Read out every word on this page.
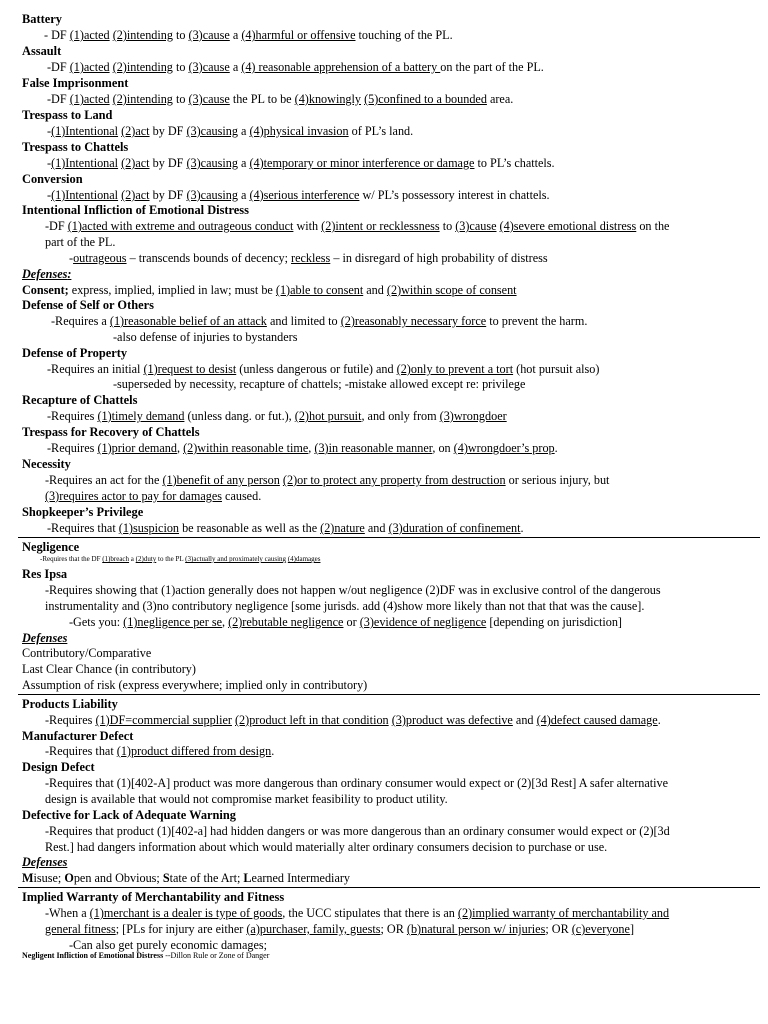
Battery
- DF (1)acted (2)intending to (3)cause a (4)harmful or offensive touching of the PL.
Assault
-DF (1)acted (2)intending to (3)cause a (4) reasonable apprehension of a battery on the part of the PL.
False Imprisonment
-DF (1)acted (2)intending to (3)cause the PL to be (4)knowingly (5)confined to a bounded area.
Trespass to Land
-(1)Intentional (2)act by DF (3)causing a (4)physical invasion of PL’s land.
Trespass to Chattels
-(1)Intentional (2)act by DF (3)causing a (4)temporary or minor interference or damage to PL’s chattels.
Conversion
-(1)Intentional (2)act by DF (3)causing a (4)serious interference w/ PL’s possessory interest in chattels.
Intentional Infliction of Emotional Distress
-DF (1)acted with extreme and outrageous conduct with (2)intent or recklessness to (3)cause (4)severe emotional distress on the
part of the PL.
-outrageous – transcends bounds of decency; reckless – in disregard of high probability of distress
Defenses:
Consent; express, implied, implied in law; must be (1)able to consent and (2)within scope of consent
Defense of Self or Others
-Requires a (1)reasonable belief of an attack and limited to (2)reasonably necessary force to prevent the harm.
-also defense of injuries to bystanders
Defense of Property
-Requires an initial (1)request to desist (unless dangerous or futile) and (2)only to prevent a tort (hot pursuit also)
-superseded by necessity, recapture of chattels; -mistake allowed except re: privilege
Recapture of Chattels
-Requires (1)timely demand (unless dang. or fut.), (2)hot pursuit, and only from (3)wrongdoer
Trespass for Recovery of Chattels
-Requires (1)prior demand, (2)within reasonable time, (3)in reasonable manner, on (4)wrongdoer’s prop.
Necessity
-Requires an act for the (1)benefit of any person (2)or to protect any property from destruction or serious injury, but
(3)requires actor to pay for damages caused.
Shopkeeper’s Privilege
-Requires that (1)suspicion be reasonable as well as the (2)nature and (3)duration of confinement.
Negligence
-Requires that the DF (1)breach a (2)duty to the PL (3)actually and proximately causing (4)damages
Res Ipsa
-Requires showing that (1)action generally does not happen w/out negligence (2)DF was in exclusive control of the dangerous
instrumentality and (3)no contributory negligence [some jurisds. add (4)show more likely than not that that was the cause].
-Gets you: (1)negligence per se, (2)rebutable negligence or (3)evidence of negligence [depending on jurisdiction]
Defenses
Contributory/Comparative
Last Clear Chance (in contributory)
Assumption of risk (express everywhere; implied only in contributory)
Products Liability
-Requires (1)DF=commercial supplier (2)product left in that condition (3)product was defective and (4)defect caused damage.
Manufacturer Defect
-Requires that (1)product differed from design.
Design Defect
-Requires that (1)[402-A] product was more dangerous than ordinary consumer would expect or (2)[3d Rest] A safer alternative
design is available that would not compromise market feasibility to product utility.
Defective for Lack of Adequate Warning
-Requires that product (1)[402-a] had hidden dangers or was more dangerous than an ordinary consumer would expect or (2)[3d
Rest.] had dangers information about which would materially alter ordinary consumers decision to purchase or use.
Defenses
Misuse; Open and Obvious; State of the Art; Learned Intermediary
Implied Warranty of Merchantability and Fitness
-When a (1)merchant is a dealer is type of goods, the UCC stipulates that there is an (2)implied warranty of merchantability and
general fitness; [PLs for injury are either (a)purchaser, family, guests; OR (b)natural person w/ injuries; OR (c)everyone]
-Can also get purely economic damages;
Negligent Infliction of Emotional Distress --Dillon Rule or Zone of Danger
